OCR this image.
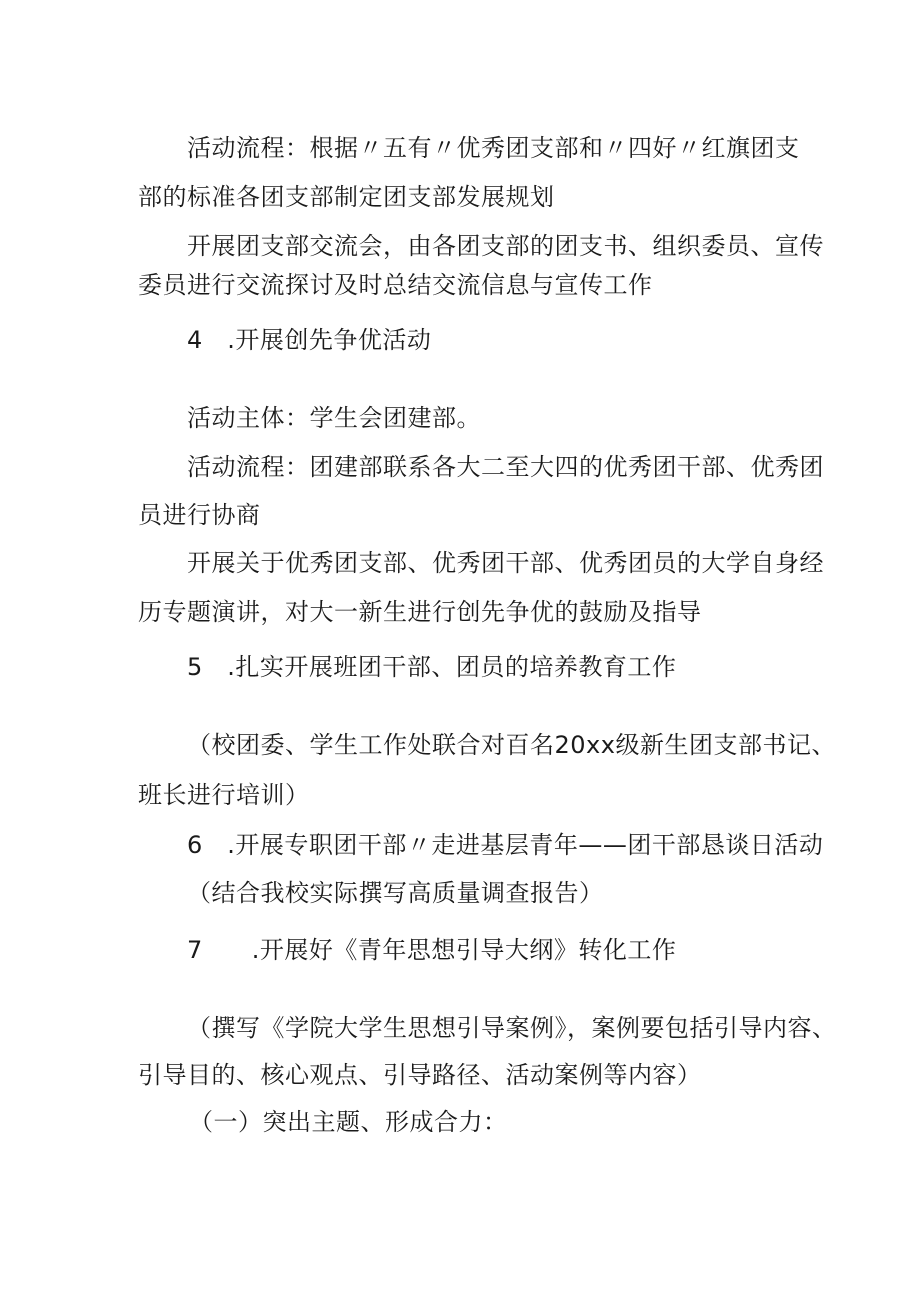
活动流程：根据〃五有〃优秀团支部和〃四好〃红旗团支
部的标准各团支部制定团支部发展规划
开展团支部交流会，由各团支部的团支书、组织委员、宣传
委员进行交流探讨及时总结交流信息与宣传工作
4　.开展创先争优活动
活动主体：学生会团建部。
活动流程：团建部联系各大二至大四的优秀团干部、优秀团
员进行协商
开展关于优秀团支部、优秀团干部、优秀团员的大学自身经
历专题演讲，对大一新生进行创先争优的鼓励及指导
5　.扎实开展班团干部、团员的培养教育工作
（校团委、学生工作处联合对百名20xx级新生团支部书记、
班长进行培训）
6　.开展专职团干部〃走进基层青年——团干部恳谈日活动
（结合我校实际撰写高质量调查报告）
7　　.开展好《青年思想引导大纲》转化工作
（撰写《学院大学生思想引导案例》，案例要包括引导内容、
引导目的、核心观点、引导路径、活动案例等内容）
（一）突出主题、形成合力：
